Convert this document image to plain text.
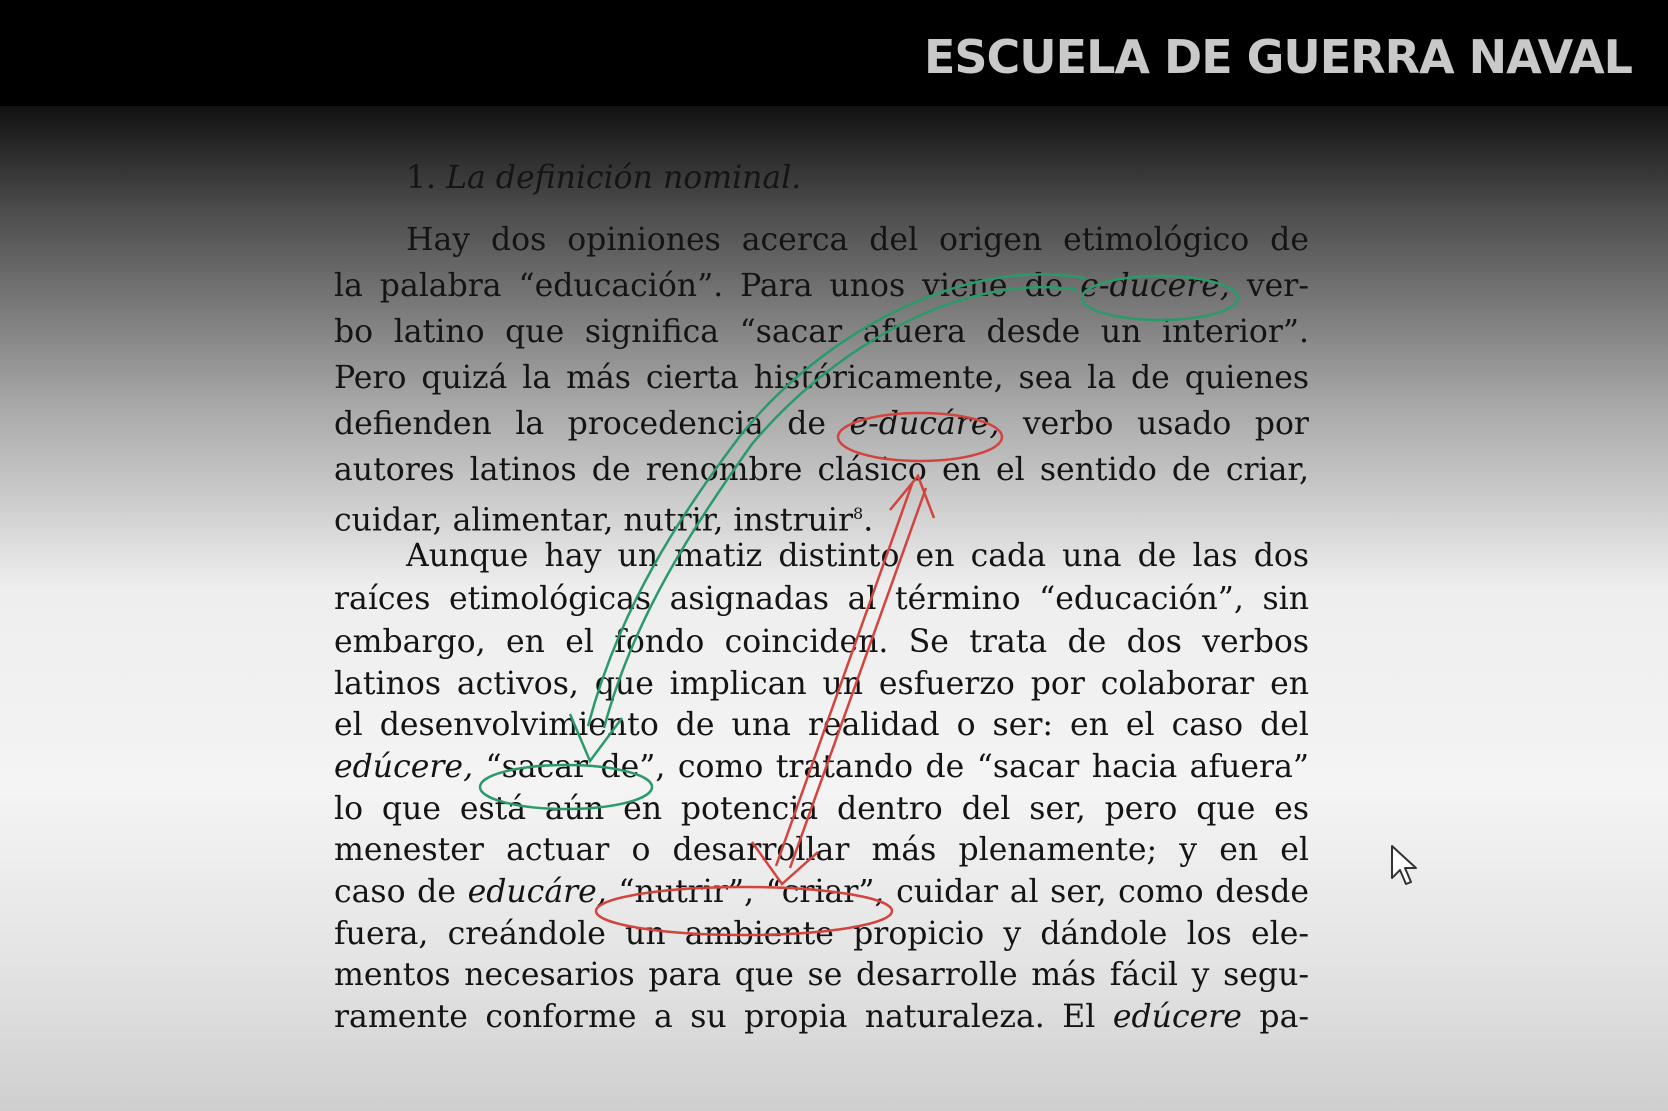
ESCUELA DE GUERRA NAVAL
1. La definición nominal.
Hay dos opiniones acerca del origen etimológico de
la palabra “educación”. Para unos viene de e-ducere, ver-
bo latino que significa “sacar afuera desde un interior”.
Pero quizá la más cierta históricamente, sea la de quienes
defienden la procedencia de e-ducáre, verbo usado por
autores latinos de renombre clásico en el sentido de criar,
cuidar, alimentar, nutrir, instruir$^8$.
Aunque hay un matiz distinto en cada una de las dos
raíces etimológicas asignadas al término “educación”, sin
embargo, en el fondo coinciden. Se trata de dos verbos
latinos activos, que implican un esfuerzo por colaborar en
el desenvolvimiento de una realidad o ser: en el caso del
edúcere, “sacar de”, como tratando de “sacar hacia afuera”
lo que está aún en potencia dentro del ser, pero que es
menester actuar o desarrollar más plenamente; y en el
caso de educáre, “nutrir”, “criar”, cuidar al ser, como desde
fuera, creándole un ambiente propicio y dándole los ele-
mentos necesarios para que se desarrolle más fácil y segu-
ramente conforme a su propia naturaleza. El edúcere pa-
